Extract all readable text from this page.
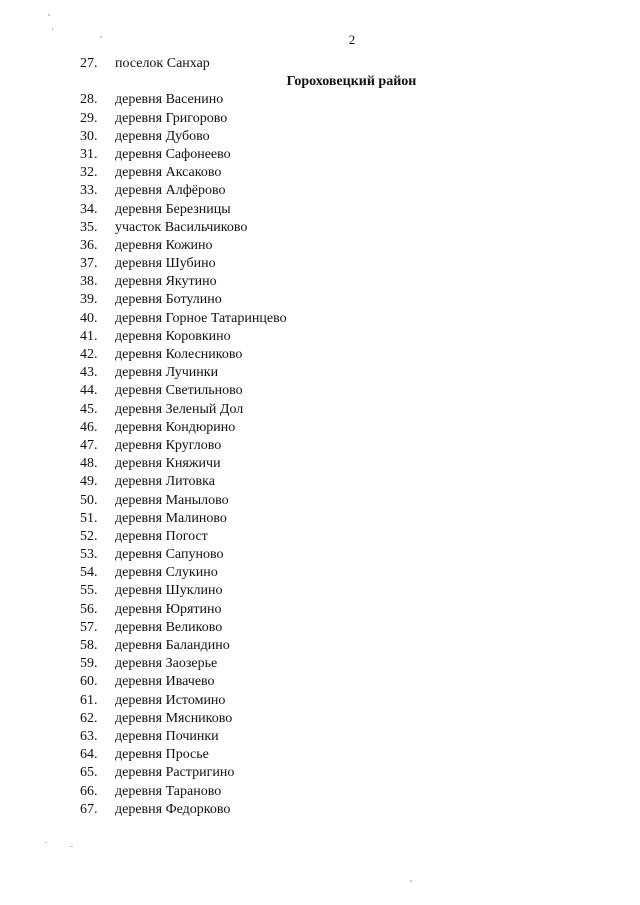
2
27.	поселок Санхар
Гороховецкий район
28.	деревня Васенино
29.	деревня Григорово
30.	деревня Дубово
31.	деревня Сафонеево
32.	деревня Аксаково
33.	деревня Алфёрово
34.	деревня Березницы
35.	участок Васильчиково
36.	деревня Кожино
37.	деревня Шубино
38.	деревня Якутино
39.	деревня Ботулино
40.	деревня Горное Татаринцево
41.	деревня Коровкино
42.	деревня Колесниково
43.	деревня Лучинки
44.	деревня Светильново
45.	деревня Зеленый Дол
46.	деревня Кондюрино
47.	деревня Круглово
48.	деревня Княжичи
49.	деревня Литовка
50.	деревня Манылово
51.	деревня Малиново
52.	деревня Погост
53.	деревня Сапуново
54.	деревня Слукино
55.	деревня Шуклино
56.	деревня Юрятино
57.	деревня Великово
58.	деревня Баландино
59.	деревня Заозерье
60.	деревня Ивачево
61.	деревня Истомино
62.	деревня Мясниково
63.	деревня Починки
64.	деревня Просье
65.	деревня Растригино
66.	деревня Тараново
67.	деревня Федорково
